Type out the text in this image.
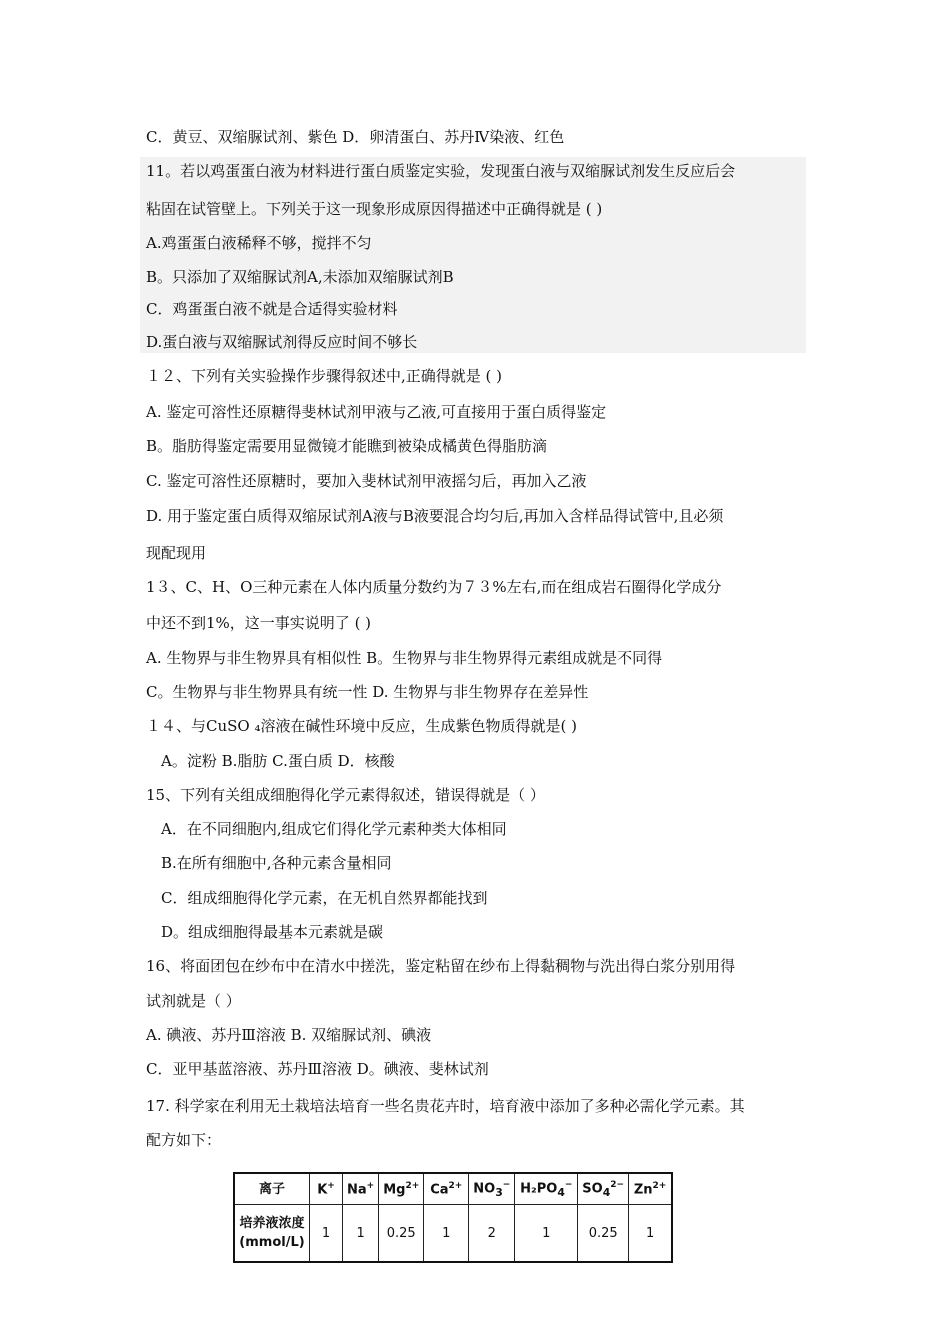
C．黄豆、双缩脲试剂、紫色 D．卵清蛋白、苏丹Ⅳ染液、红色
11。若以鸡蛋蛋白液为材料进行蛋白质鉴定实验，发现蛋白液与双缩脲试剂发生反应后会
粘固在试管壁上。下列关于这一现象形成原因得描述中正确得就是 ( )
A.鸡蛋蛋白液稀释不够，搅拌不匀
B。只添加了双缩脲试剂A,未添加双缩脲试剂B
C．鸡蛋蛋白液不就是合适得实验材料
D.蛋白液与双缩脲试剂得反应时间不够长
１２、下列有关实验操作步骤得叙述中,正确得就是 ( )
A. 鉴定可溶性还原糖得斐林试剂甲液与乙液,可直接用于蛋白质得鉴定
B。脂肪得鉴定需要用显微镜才能瞧到被染成橘黄色得脂肪滴
C. 鉴定可溶性还原糖时，要加入斐林试剂甲液摇匀后，再加入乙液
D. 用于鉴定蛋白质得双缩尿试剂A液与B液要混合均匀后,再加入含样品得试管中,且必须
现配现用
1３、C、H、O三种元素在人体内质量分数约为７３%左右,而在组成岩石圈得化学成分
中还不到1%，这一事实说明了 ( )
A. 生物界与非生物界具有相似性 B。生物界与非生物界得元素组成就是不同得
C。生物界与非生物界具有统一性 D. 生物界与非生物界存在差异性
１４、与CuSO ₄溶液在碱性环境中反应，生成紫色物质得就是( )
A。淀粉 B.脂肪 C.蛋白质 D．核酸
15、下列有关组成细胞得化学元素得叙述，错误得就是（ ）
A．在不同细胞内,组成它们得化学元素种类大体相同
B.在所有细胞中,各种元素含量相同
C．组成细胞得化学元素，在无机自然界都能找到
D。组成细胞得最基本元素就是碳
16、将面团包在纱布中在清水中搓洗，鉴定粘留在纱布上得黏稠物与洗出得白浆分别用得
试剂就是（ ）
A. 碘液、苏丹Ⅲ溶液 B. 双缩脲试剂、碘液
C．亚甲基蓝溶液、苏丹Ⅲ溶液 D。碘液、斐林试剂
17. 科学家在利用无土栽培法培育一些名贵花卉时，培育液中添加了多种必需化学元素。其
配方如下：
离子	K+	Na+	$Mg^{2+}$	$Ca^{2+}$	$NO_3^-$	$H_2PO_4^-$	$SO_4^{2-}$	$Zn^{2+}$
培养液浓度
(mmol/L)	1	1	0.25	1	2	1	0.25	1
